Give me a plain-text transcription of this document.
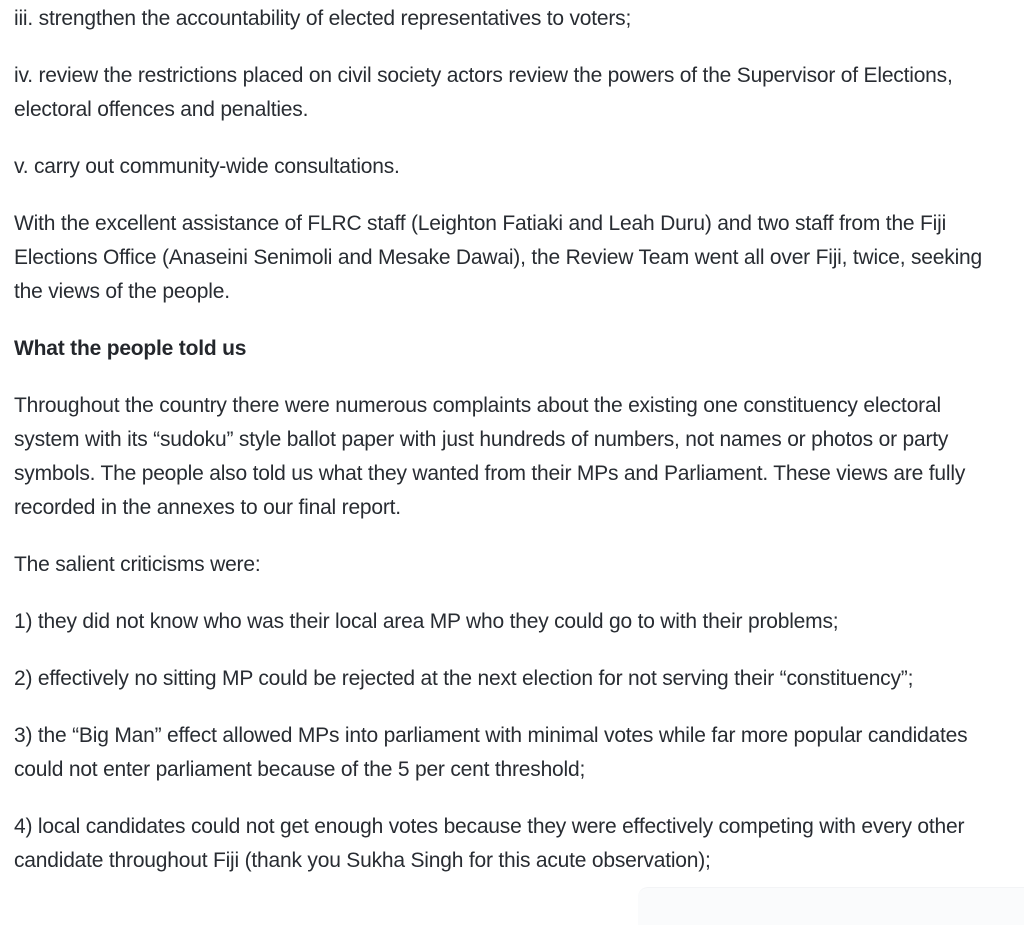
iii. strengthen the accountability of elected representatives to voters;

iv. review the restrictions placed on civil society actors review the powers of the Supervisor of Elections, electoral offences and penalties.

v. carry out community-wide consultations.

With the excellent assistance of FLRC staff (Leighton Fatiaki and Leah Duru) and two staff from the Fiji Elections Office (Anaseini Senimoli and Mesake Dawai), the Review Team went all over Fiji, twice, seeking the views of the people.

What the people told us

Throughout the country there were numerous complaints about the existing one constituency electoral system with its “sudoku” style ballot paper with just hundreds of numbers, not names or photos or party symbols. The people also told us what they wanted from their MPs and Parliament. These views are fully recorded in the annexes to our final report.

The salient criticisms were:

1) they did not know who was their local area MP who they could go to with their problems;

2) effectively no sitting MP could be rejected at the next election for not serving their “constituency”;

3) the “Big Man” effect allowed MPs into parliament with minimal votes while far more popular candidates could not enter parliament because of the 5 per cent threshold;

4) local candidates could not get enough votes because they were effectively competing with every other candidate throughout Fiji (thank you Sukha Singh for this acute observation);
